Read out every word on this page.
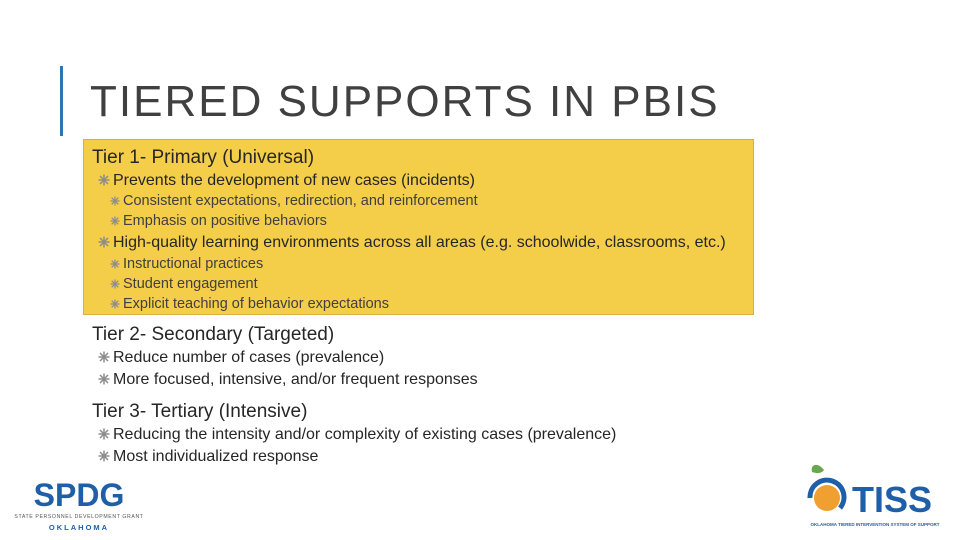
TIERED SUPPORTS IN PBIS
Tier 1- Primary (Universal)
Prevents the development of new cases (incidents)
Consistent expectations, redirection, and reinforcement
Emphasis on positive behaviors
High-quality learning environments across all areas (e.g. schoolwide, classrooms, etc.)
Instructional practices
Student engagement
Explicit teaching of behavior expectations
Tier 2- Secondary (Targeted)
Reduce number of cases (prevalence)
More focused, intensive, and/or frequent responses
Tier 3- Tertiary (Intensive)
Reducing the intensity and/or complexity of existing cases (prevalence)
Most individualized response
SPDG
STATE PERSONNEL DEVELOPMENT GRANT
OKLAHOMA
TISS
OKLAHOMA TIERED INTERVENTION SYSTEM OF SUPPORT
